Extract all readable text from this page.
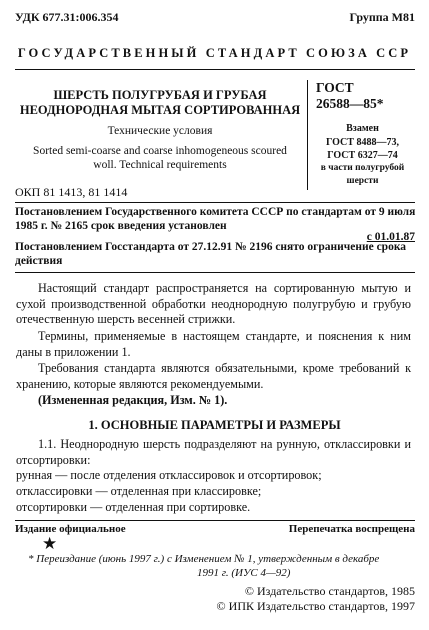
УДК 677.31:006.354	Группа М81
ГОСУДАРСТВЕННЫЙ СТАНДАРТ СОЮЗА ССР
ШЕРСТЬ ПОЛУГРУБАЯ И ГРУБАЯ
НЕОДНОРОДНАЯ МЫТАЯ СОРТИРОВАННАЯ
Технические условия
Sorted semi-coarse and coarse inhomogeneous scoured
woll. Technical requirements
ГОСТ
26588—85*
Взамен
ГОСТ 8488—73,
ГОСТ 6327—74
в части полугрубой
шерсти
ОКП 81 1413, 81 1414
Постановлением Государственного комитета СССР по стандартам от 9 июля
1985 г. № 2165 срок введения установлен
с 01.01.87
Постановлением Госстандарта от 27.12.91 № 2196 снято ограничение срока
действия
Настоящий стандарт распространяется на сортированную мытую и сухой производственной обработки неоднородную полугрубую и грубую отечественную шерсть весенней стрижки.
Термины, применяемые в настоящем стандарте, и пояснения к ним даны в приложении 1.
Требования стандарта являются обязательными, кроме требований к хранению, которые являются рекомендуемыми.
(Измененная редакция, Изм. № 1).
1. ОСНОВНЫЕ ПАРАМЕТРЫ И РАЗМЕРЫ
1.1. Неоднородную шерсть подразделяют на рунную, отклассировки и отсортировки:
рунная — после отделения отклассировок и отсортировок;
отклассировки — отделенная при классировке;
отсортировки — отделенная при сортировке.
Издание официальное	Перепечатка воспрещена
★
* Переиздание (июнь 1997 г.) с Изменением № 1, утвержденным в декабре
1991 г. (ИУС 4—92)
© Издательство стандартов, 1985
© ИПК Издательство стандартов, 1997
